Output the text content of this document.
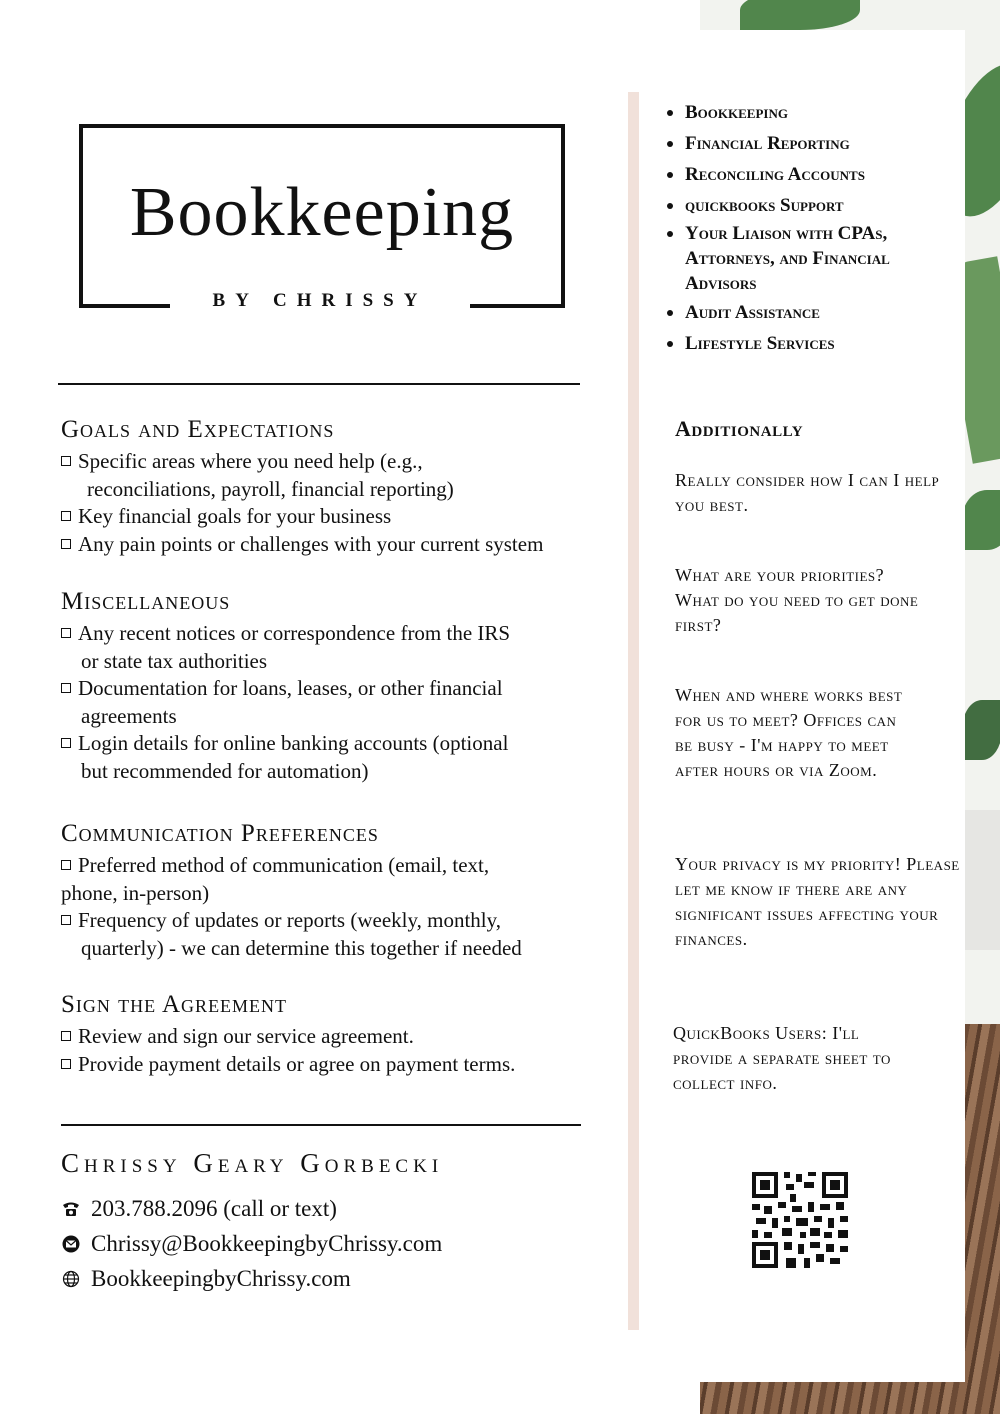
Bookkeeping
BY CHRISSY
Goals and Expectations
Specific areas where you need help (e.g.,
reconciliations, payroll, financial reporting)
Key financial goals for your business
Any pain points or challenges with your current system
Miscellaneous
Any recent notices or correspondence from the IRS
or state tax authorities
Documentation for loans, leases, or other financial
agreements
Login details for online banking accounts (optional
but recommended for automation)
Communication Preferences
Preferred method of communication (email, text,
phone, in-person)
Frequency of updates or reports (weekly, monthly,
quarterly) - we can determine this together if needed
Sign the Agreement
Review and sign our service agreement.
Provide payment details or agree on payment terms.
Chrissy Geary Gorbecki
203.788.2096 (call or text)
Chrissy@BookkeepingbyChrissy.com
BookkeepingbyChrissy.com
Bookkeeping
Financial Reporting
Reconciling Accounts
quickbooks Support
Your Liaison with CPAs, Attorneys, and Financial Advisors
Audit Assistance
Lifestyle Services
Additionally
Really consider how I can I help you best.
What are your priorities? What do you need to get done first?
When and where works best for us to meet? Offices can be busy - I'm happy to meet after hours or via Zoom.
Your privacy is my priority! Please let me know if there are any significant issues affecting your finances.
QuickBooks Users: I'll provide a separate sheet to collect info.
